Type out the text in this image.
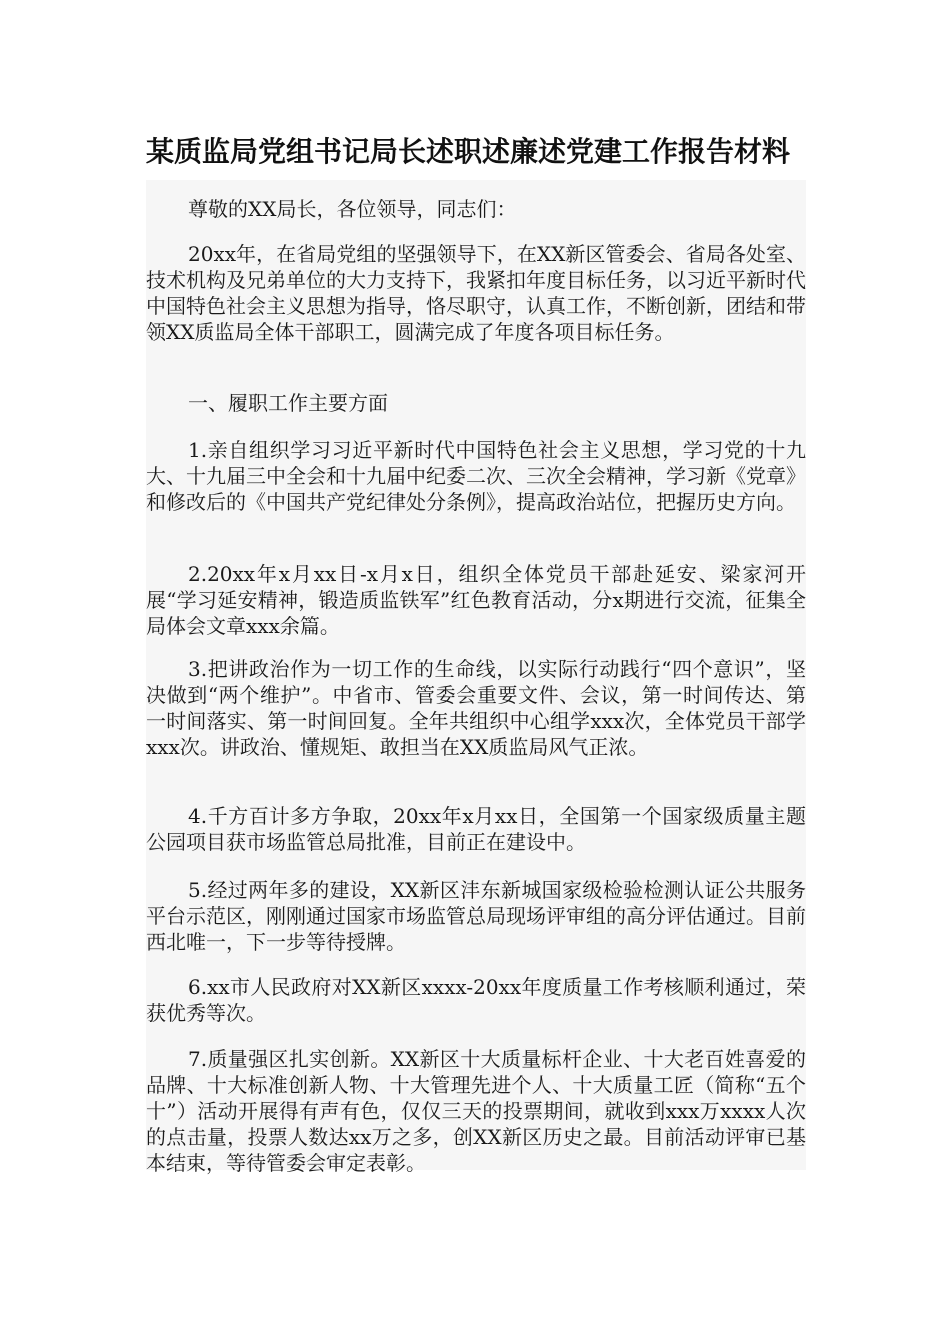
某质监局党组书记局长述职述廉述党建工作报告材料

尊敬的XX局长，各位领导，同志们：

20xx年，在省局党组的坚强领导下，在XX新区管委会、省局各处室、技术机构及兄弟单位的大力支持下，我紧扣年度目标任务，以习近平新时代中国特色社会主义思想为指导，恪尽职守，认真工作，不断创新，团结和带领XX质监局全体干部职工，圆满完成了年度各项目标任务。

一、履职工作主要方面

1.亲自组织学习习近平新时代中国特色社会主义思想，学习党的十九大、十九届三中全会和十九届中纪委二次、三次全会精神，学习新《党章》和修改后的《中国共产党纪律处分条例》，提高政治站位，把握历史方向。

2.20xx年x月xx日-x月x日，组织全体党员干部赴延安、梁家河开展“学习延安精神，锻造质监铁军”红色教育活动，分x期进行交流，征集全局体会文章xxx余篇。

3.把讲政治作为一切工作的生命线，以实际行动践行“四个意识”，坚决做到“两个维护”。中省市、管委会重要文件、会议，第一时间传达、第一时间落实、第一时间回复。全年共组织中心组学xxx次，全体党员干部学xxx次。讲政治、懂规矩、敢担当在XX质监局风气正浓。

4.千方百计多方争取，20xx年x月xx日，全国第一个国家级质量主题公园项目获市场监管总局批准，目前正在建设中。

5.经过两年多的建设，XX新区沣东新城国家级检验检测认证公共服务平台示范区，刚刚通过国家市场监管总局现场评审组的高分评估通过。目前西北唯一，下一步等待授牌。

6.xx市人民政府对XX新区xxxx-20xx年度质量工作考核顺利通过，荣获优秀等次。

7.质量强区扎实创新。XX新区十大质量标杆企业、十大老百姓喜爱的品牌、十大标准创新人物、十大管理先进个人、十大质量工匠（简称“五个十”）活动开展得有声有色，仅仅三天的投票期间，就收到xxx万xxxx人次的点击量，投票人数达xx万之多，创XX新区历史之最。目前活动评审已基本结束，等待管委会审定表彰。
